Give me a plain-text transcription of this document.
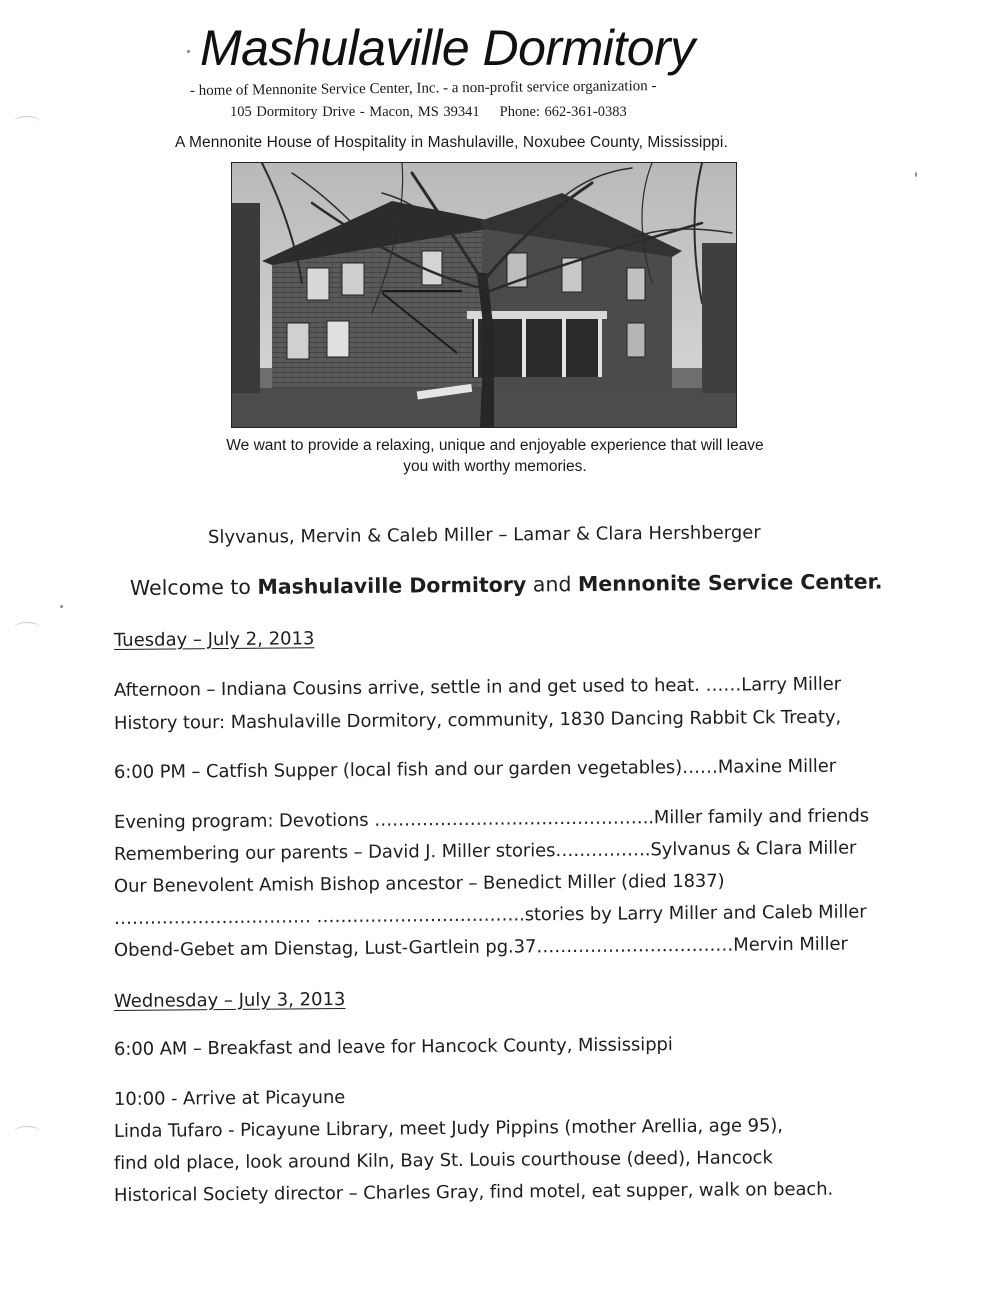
Mashulaville Dormitory
- home of Mennonite Service Center, Inc. - a non-profit service organization -
105 Dormitory Drive - Macon, MS 39341 Phone: 662-361-0383
A Mennonite House of Hospitality in Mashulaville, Noxubee County, Mississippi.
We want to provide a relaxing, unique and enjoyable experience that will leave
you with worthy memories.
Slyvanus, Mervin & Caleb Miller – Lamar & Clara Hershberger
Welcome to Mashulaville Dormitory and Mennonite Service Center.
Tuesday – July 2, 2013
Afternoon – Indiana Cousins arrive, settle in and get used to heat. ……Larry Miller
History tour: Mashulaville Dormitory, community, 1830 Dancing Rabbit Ck Treaty,
6:00 PM – Catfish Supper (local fish and our garden vegetables)……Maxine Miller
Evening program: Devotions ………………………………………..Miller family and friends
Remembering our parents – David J. Miller stories…………….Sylvanus & Clara Miller
Our Benevolent Amish Bishop ancestor – Benedict Miller (died 1837)
…………………………… ……………………………..stories by Larry Miller and Caleb Miller
Obend-Gebet am Dienstag, Lust-Gartlein pg.37……………………………Mervin Miller
Wednesday – July 3, 2013
6:00 AM – Breakfast and leave for Hancock County, Mississippi
10:00 - Arrive at Picayune
Linda Tufaro - Picayune Library, meet Judy Pippins (mother Arellia, age 95),
find old place, look around Kiln, Bay St. Louis courthouse (deed), Hancock
Historical Society director – Charles Gray, find motel, eat supper, walk on beach.
